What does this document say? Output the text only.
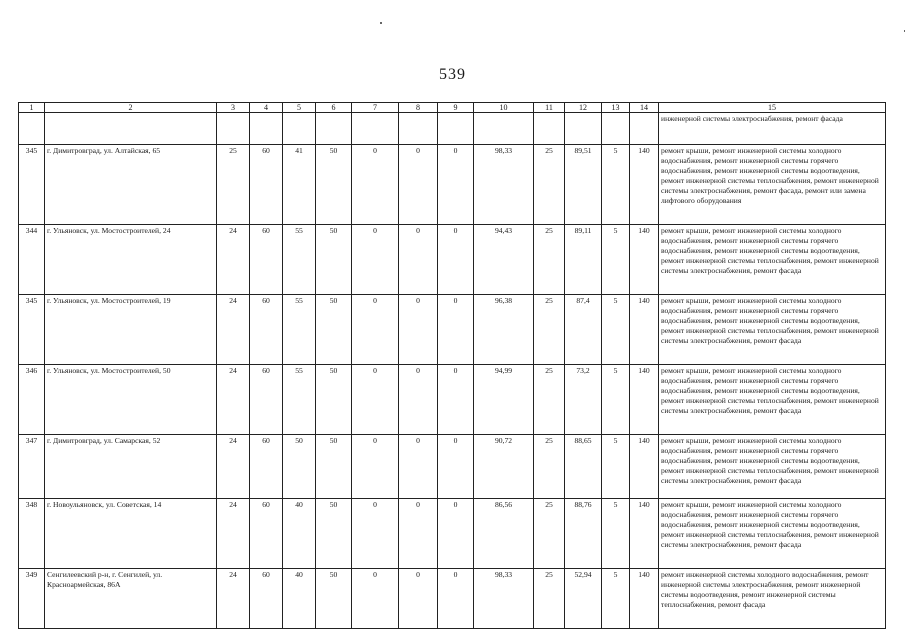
539
1	2	3	4	5	6	7	8	9	10	11	12	13	14	15
														инженерной системы электроснабжения, ремонт фасада
345	г. Димитровград, ул. Алтайская, 65	25	60	41	50	0	0	0	98,33	25	89,51	5	140	ремонт крыши, ремонт инженерной системы холодного водоснабжения, ремонт инженерной системы горячего водоснабжения, ремонт инженерной системы водоотведения, ремонт инженерной системы теплоснабжения, ремонт инженерной системы электроснабжения, ремонт фасада, ремонт или замена лифтового оборудования
344	г. Ульяновск, ул. Мостостроителей, 24	24	60	55	50	0	0	0	94,43	25	89,11	5	140	ремонт крыши, ремонт инженерной системы холодного водоснабжения, ремонт инженерной системы горячего водоснабжения, ремонт инженерной системы водоотведения, ремонт инженерной системы теплоснабжения, ремонт инженерной системы электроснабжения, ремонт фасада
345	г. Ульяновск, ул. Мостостроителей, 19	24	60	55	50	0	0	0	96,38	25	87,4	5	140	ремонт крыши, ремонт инженерной системы холодного водоснабжения, ремонт инженерной системы горячего водоснабжения, ремонт инженерной системы водоотведения, ремонт инженерной системы теплоснабжения, ремонт инженерной системы электроснабжения, ремонт фасада
346	г. Ульяновск, ул. Мостостроителей, 50	24	60	55	50	0	0	0	94,99	25	73,2	5	140	ремонт крыши, ремонт инженерной системы холодного водоснабжения, ремонт инженерной системы горячего водоснабжения, ремонт инженерной системы водоотведения, ремонт инженерной системы теплоснабжения, ремонт инженерной системы электроснабжения, ремонт фасада
347	г. Димитровград, ул. Самарская, 52	24	60	50	50	0	0	0	90,72	25	88,65	5	140	ремонт крыши, ремонт инженерной системы холодного водоснабжения, ремонт инженерной системы горячего водоснабжения, ремонт инженерной системы водоотведения, ремонт инженерной системы теплоснабжения, ремонт инженерной системы электроснабжения, ремонт фасада
348	г. Новоульяновск, ул. Советская, 14	24	60	40	50	0	0	0	86,56	25	88,76	5	140	ремонт крыши, ремонт инженерной системы холодного водоснабжения, ремонт инженерной системы горячего водоснабжения, ремонт инженерной системы водоотведения, ремонт инженерной системы теплоснабжения, ремонт инженерной системы электроснабжения, ремонт фасада
349	Сенгилеевский р-н, г. Сенгилей, ул. Красноармейская, 86А	24	60	40	50	0	0	0	98,33	25	52,94	5	140	ремонт инженерной системы холодного водоснабжения, ремонт инженерной системы электроснабжения, ремонт инженерной системы водоотведения, ремонт инженерной системы теплоснабжения, ремонт фасада
